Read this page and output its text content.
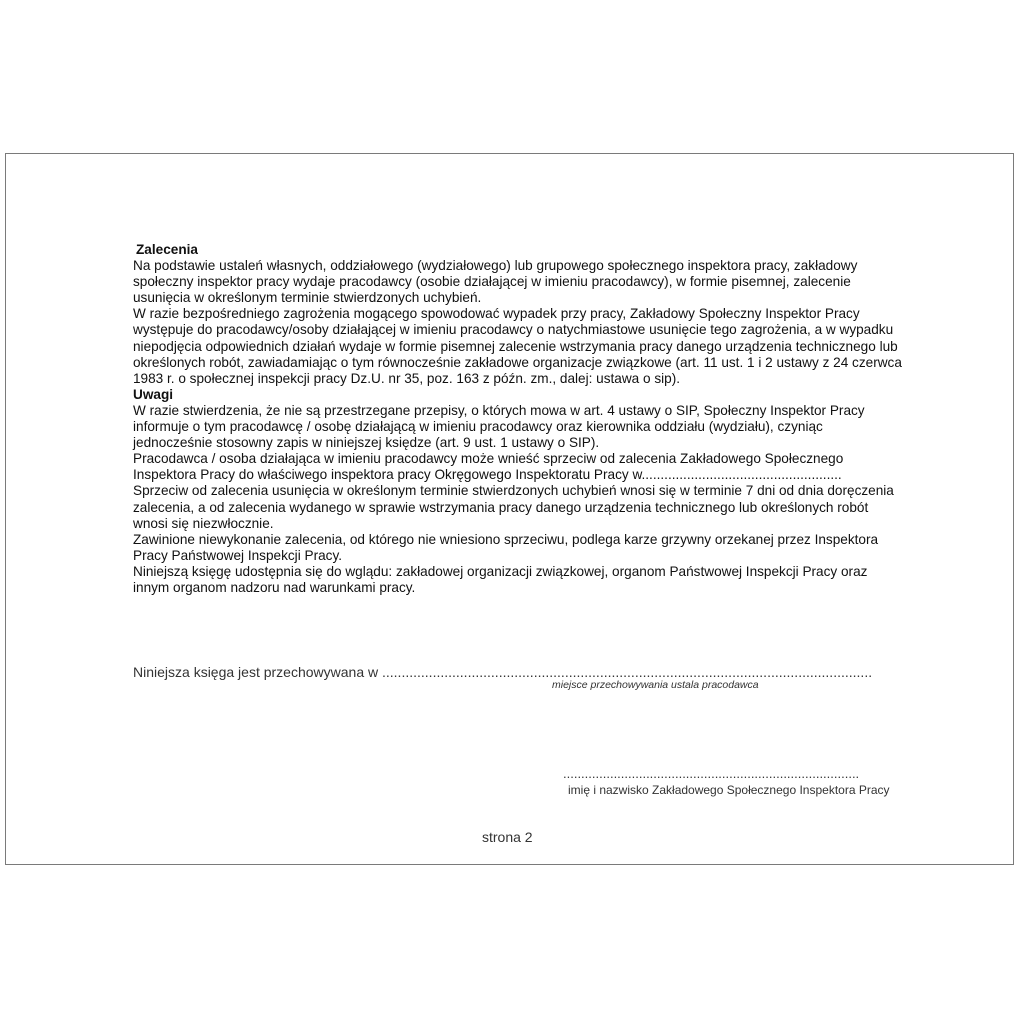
Zalecenia

Na podstawie ustaleń własnych, oddziałowego (wydziałowego) lub grupowego społecznego inspektora pracy, zakładowy społeczny inspektor pracy wydaje pracodawcy (osobie działającej w imieniu pracodawcy), w formie pisemnej, zalecenie usunięcia w określonym terminie stwierdzonych uchybień.

W razie bezpośredniego zagrożenia mogącego spowodować wypadek przy pracy, Zakładowy Społeczny Inspektor Pracy występuje do pracodawcy/osoby działającej w imieniu pracodawcy o natychmiastowe usunięcie tego zagrożenia, a w wypadku niepodjęcia odpowiednich działań wydaje w formie pisemnej zalecenie wstrzymania pracy danego urządzenia technicznego lub określonych robót, zawiadamiając o tym równocześnie zakładowe organizacje związkowe (art. 11 ust. 1 i 2 ustawy z 24 czerwca 1983 r. o społecznej inspekcji pracy Dz.U. nr 35, poz. 163 z późn. zm., dalej: ustawa o sip).

Uwagi

W razie stwierdzenia, że nie są przestrzegane przepisy, o których mowa w art. 4 ustawy o SIP, Społeczny Inspektor Pracy informuje o tym pracodawcę / osobę działającą w imieniu pracodawcy oraz kierownika oddziału (wydziału), czyniąc jednocześnie stosowny zapis w niniejszej księdze (art. 9 ust. 1 ustawy o SIP).

Pracodawca / osoba działająca w imieniu pracodawcy może wnieść sprzeciw od zalecenia Zakładowego Społecznego Inspektora Pracy do właściwego inspektora pracy Okręgowego Inspektoratu Pracy w.....................................................

Sprzeciw od zalecenia usunięcia w określonym terminie stwierdzonych uchybień wnosi się w terminie 7 dni od dnia doręczenia zalecenia, a od zalecenia wydanego w sprawie wstrzymania pracy danego urządzenia technicznego lub określonych robót wnosi się niezwłocznie.

Zawinione niewykonanie zalecenia, od którego nie wniesiono sprzeciwu, podlega karze grzywny orzekanej przez Inspektora Pracy Państwowej Inspekcji Pracy.

Niniejszą księgę udostępnia się do wglądu: zakładowej organizacji związkowej, organom Państwowej Inspekcji Pracy oraz innym organom nadzoru nad warunkami pracy.

Niniejsza księga jest przechowywana w ..............................................................................................................................
miejsce przechowywania ustala pracodawca
..................................................................................
imię i nazwisko Zakładowego Społecznego Inspektora Pracy
strona 2
